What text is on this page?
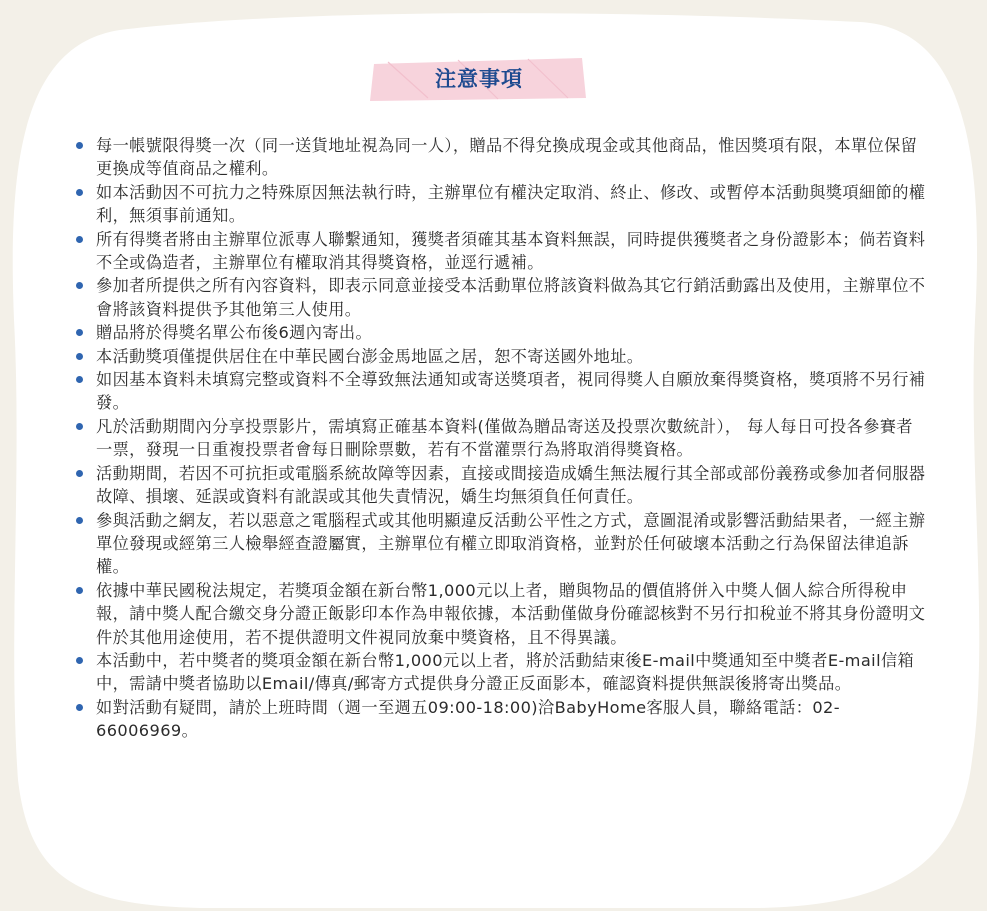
注意事項
每一帳號限得獎一次（同一送貨地址視為同一人），贈品不得兌換成現金或其他商品，惟因獎項有限，本單位保留更換成等值商品之權利。
如本活動因不可抗力之特殊原因無法執行時，主辦單位有權決定取消、終止、修改、或暫停本活動與獎項細節的權利，無須事前通知。
所有得獎者將由主辦單位派專人聯繫通知，獲獎者須確其基本資料無誤，同時提供獲獎者之身份證影本；倘若資料不全或偽造者，主辦單位有權取消其得獎資格，並逕行遞補。
參加者所提供之所有內容資料，即表示同意並接受本活動單位將該資料做為其它行銷活動露出及使用，主辦單位不會將該資料提供予其他第三人使用。
贈品將於得獎名單公布後6週內寄出。
本活動獎項僅提供居住在中華民國台澎金馬地區之居，恕不寄送國外地址。
如因基本資料未填寫完整或資料不全導致無法通知或寄送獎項者，視同得獎人自願放棄得獎資格，獎項將不另行補發。
凡於活動期間內分享投票影片，需填寫正確基本資料(僅做為贈品寄送及投票次數統計）， 每人每日可投各參賽者一票，發現一日重複投票者會每日刪除票數，若有不當灌票行為將取消得獎資格。
活動期間，若因不可抗拒或電腦系統故障等因素，直接或間接造成嬌生無法履行其全部或部份義務或參加者伺服器故障、損壞、延誤或資料有訛誤或其他失責情況，嬌生均無須負任何責任。
參與活動之網友，若以惡意之電腦程式或其他明顯違反活動公平性之方式，意圖混淆或影響活動結果者，一經主辦單位發現或經第三人檢舉經查證屬實，主辦單位有權立即取消資格，並對於任何破壞本活動之行為保留法律追訴權。
依據中華民國稅法規定，若獎項金額在新台幣1,000元以上者，贈與物品的價值將併入中獎人個人綜合所得稅申報，請中獎人配合繳交身分證正飯影印本作為申報依據，本活動僅做身份確認核對不另行扣稅並不將其身份證明文件於其他用途使用，若不提供證明文件視同放棄中獎資格，且不得異議。
本活動中，若中獎者的獎項金額在新台幣1,000元以上者，將於活動結束後E-mail中獎通知至中獎者E-mail信箱中，需請中獎者協助以Email/傳真/郵寄方式提供身分證正反面影本，確認資料提供無誤後將寄出獎品。
如對活動有疑問，請於上班時間（週一至週五09:00-18:00)洽BabyHome客服人員，聯絡電話：02-66006969。
